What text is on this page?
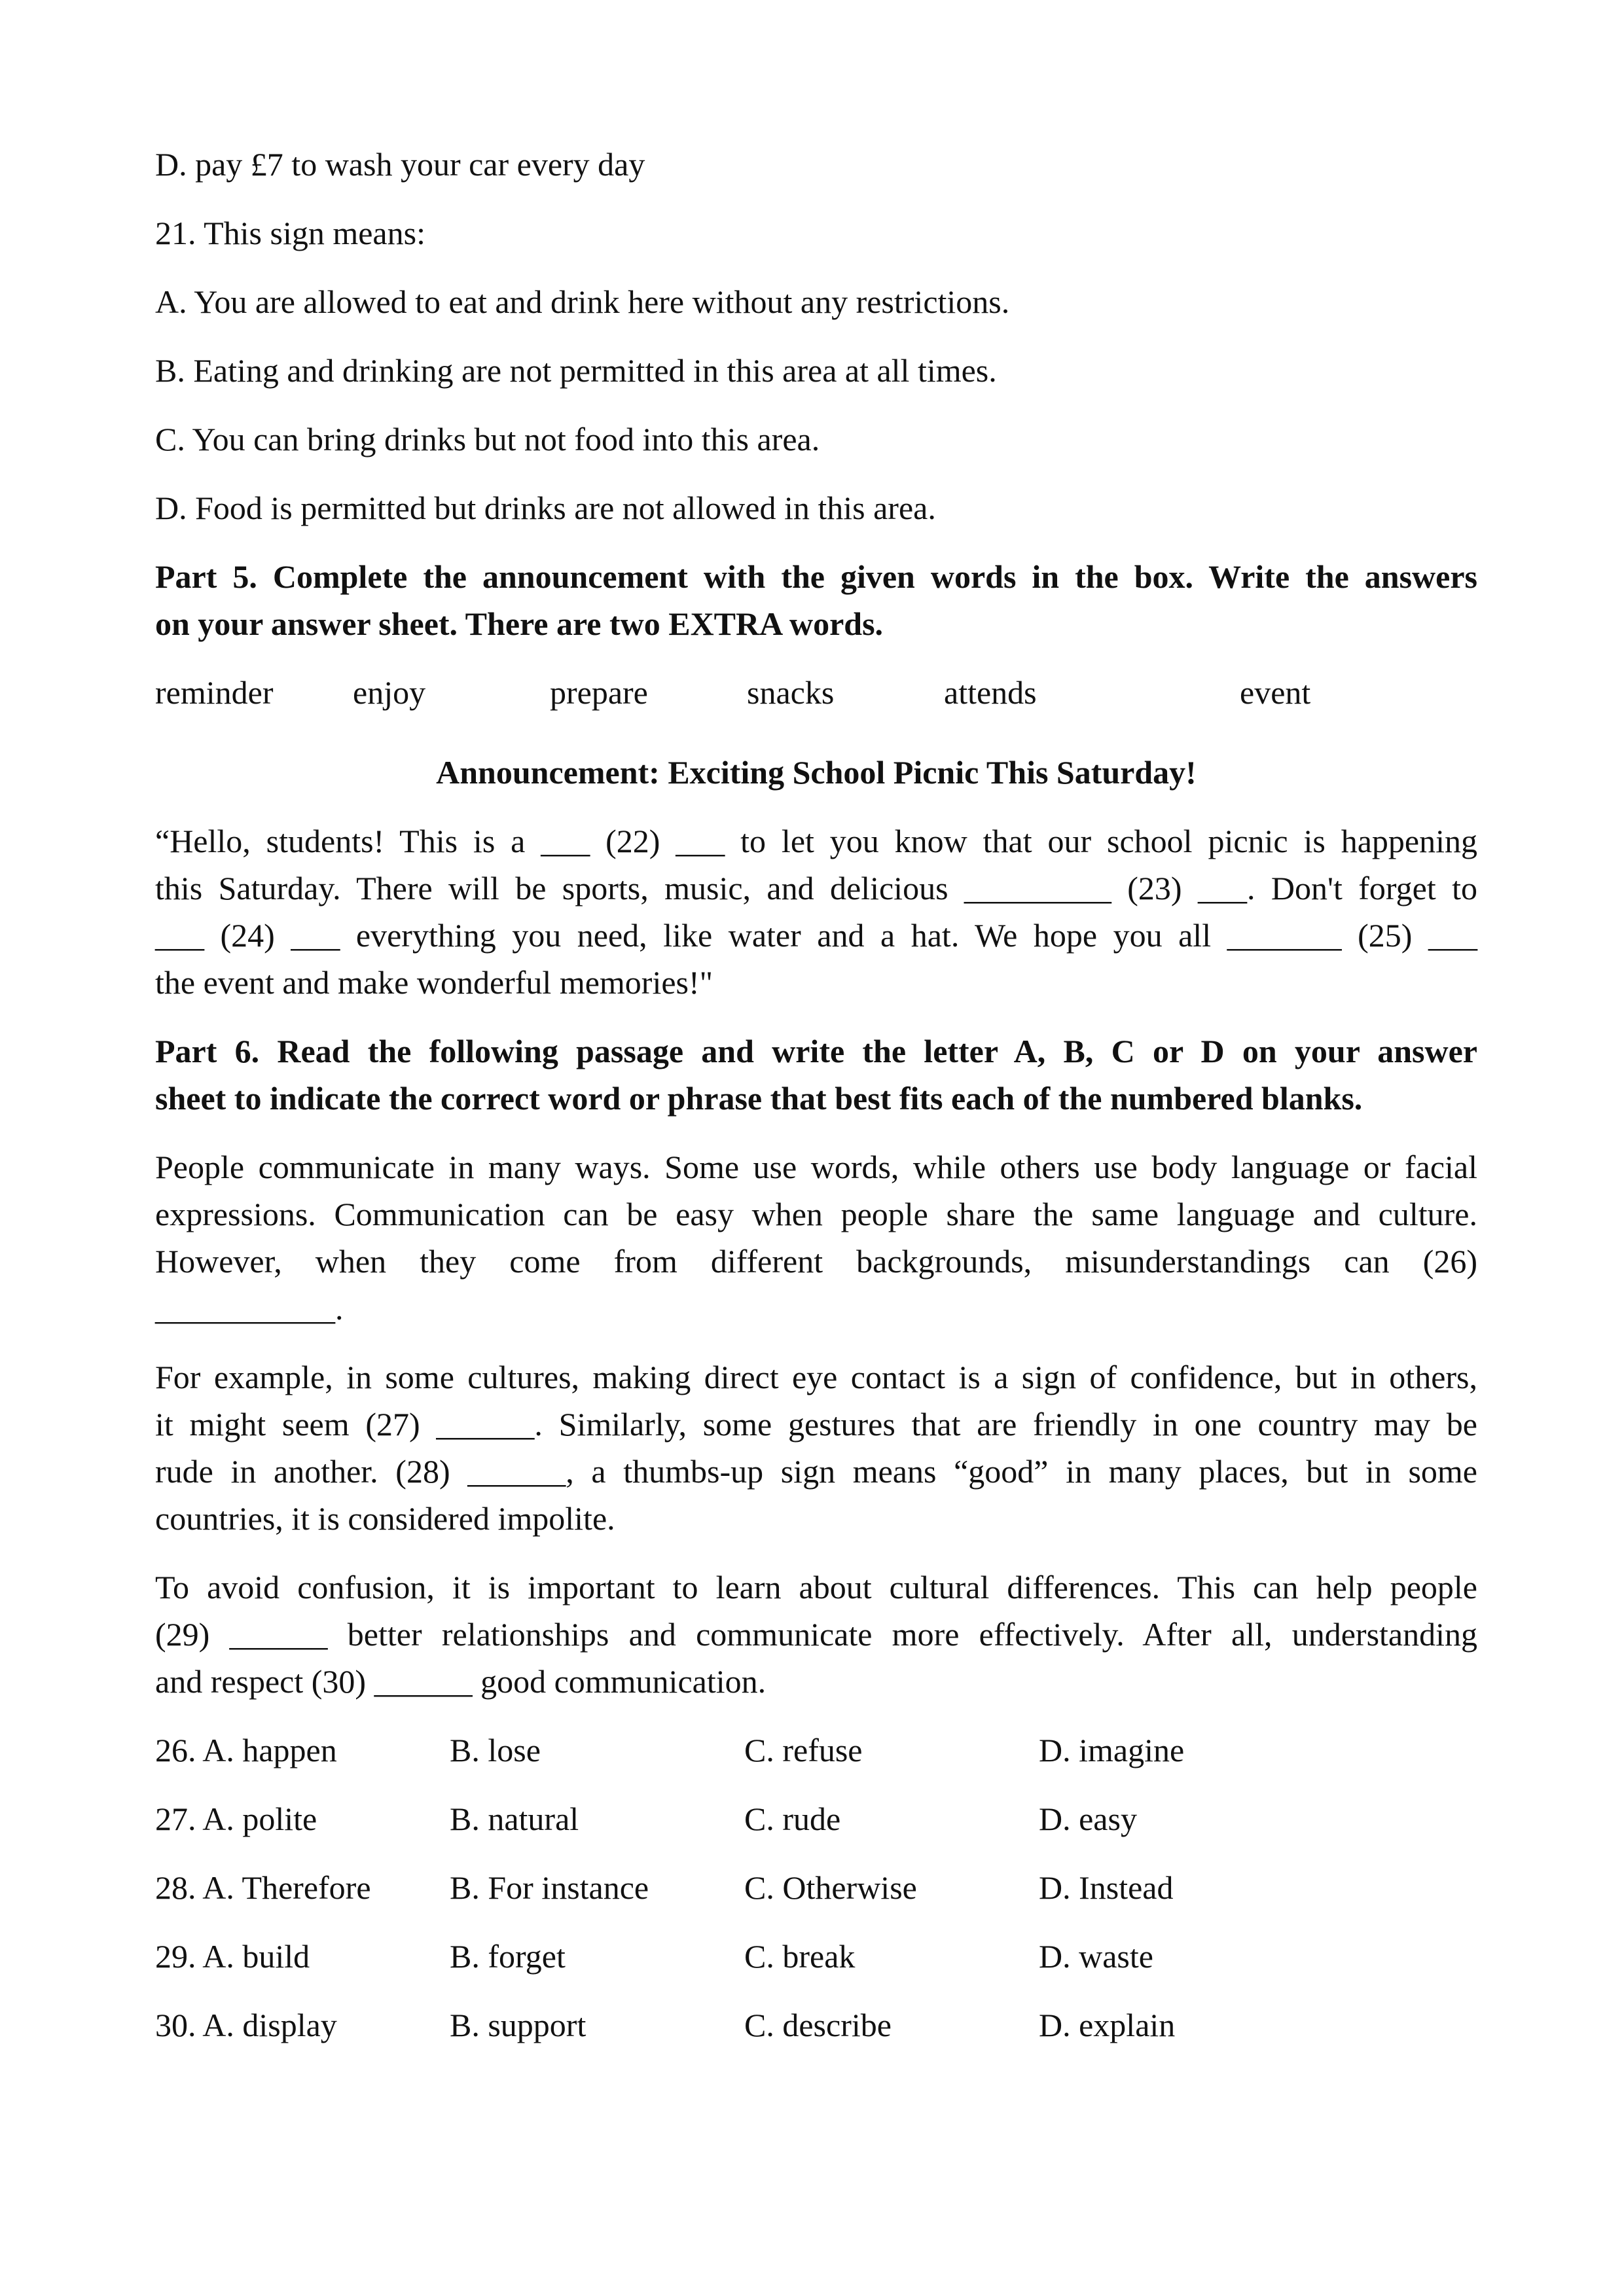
D. pay £7 to wash your car every day

21. This sign means:

A. You are allowed to eat and drink here without any restrictions.

B. Eating and drinking are not permitted in this area at all times.

C. You can bring drinks but not food into this area.

D. Food is permitted but drinks are not allowed in this area.

Part 5. Complete the announcement with the given words in the box. Write the answers

on your answer sheet. There are two EXTRA words.

reminder enjoy	prepare	snacks	attends	event

Announcement: Exciting School Picnic This Saturday!

“Hello, students! This is a ___ (22) ___ to let you know that our school picnic is happening

this Saturday. There will be sports, music, and delicious _________ (23) ___. Don't forget to

___ (24) ___ everything you need, like water and a hat. We hope you all _______ (25) ___

the event and make wonderful memories!"

Part 6. Read the following passage and write the letter A, B, C or D on your answer

sheet to indicate the correct word or phrase that best fits each of the numbered blanks.

People communicate in many ways. Some use words, while others use body language or facial

expressions. Communication can be easy when people share the same language and culture.

However, when they come from different backgrounds, misunderstandings can (26)

___________.

For example, in some cultures, making direct eye contact is a sign of confidence, but in others,

it might seem (27) ______. Similarly, some gestures that are friendly in one country may be

rude in another. (28) ______, a thumbs-up sign means “good” in many places, but in some

countries, it is considered impolite.

To avoid confusion, it is important to learn about cultural differences. This can help people

(29) ______ better relationships and communicate more effectively. After all, understanding

and respect (30) ______ good communication.

26. A. happen	B. lose	C. refuse	D. imagine
27. A. polite	B. natural	C. rude	D. easy
28. A. Therefore B. For instance	C. Otherwise	D. Instead
29. A. build	B. forget	C. break	D. waste
30. A. display	B. support	C. describe	D. explain
